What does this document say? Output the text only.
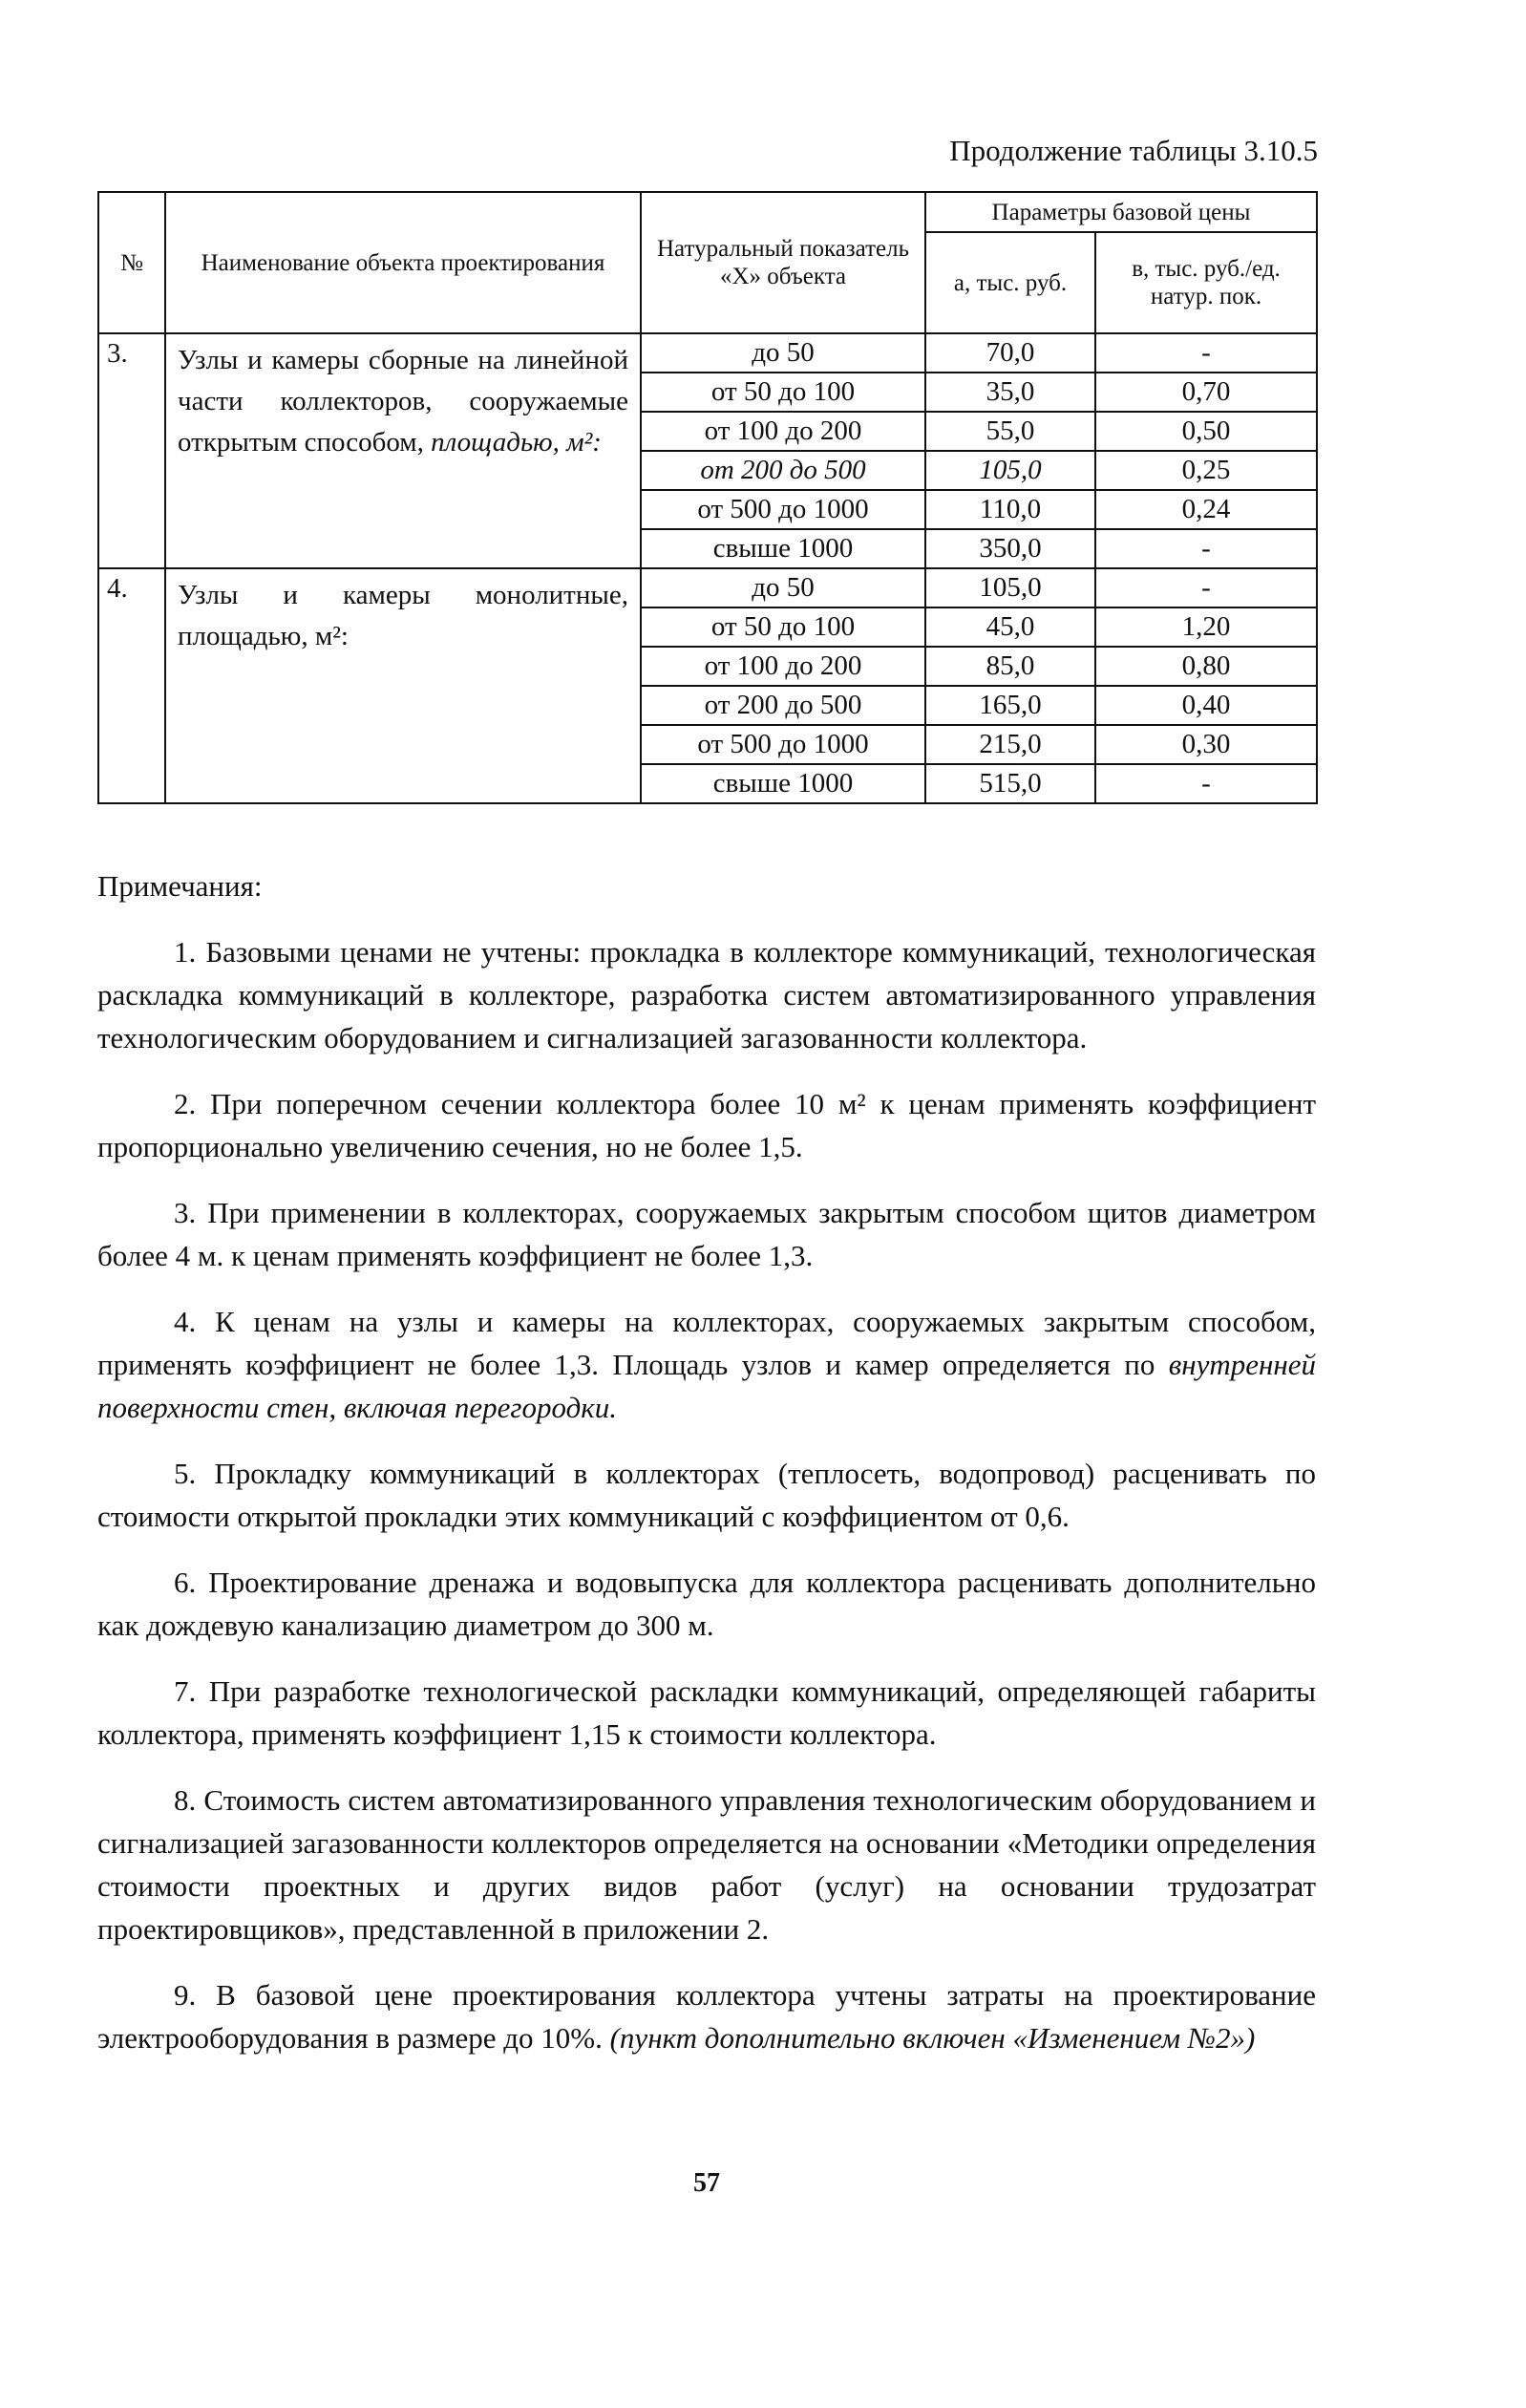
Продолжение таблицы 3.10.5
№	Наименование объекта проектирования	Натуральный показатель «Х» объекта	Параметры базовой цены	
			а, тыс. руб.	в, тыс. руб./ед. натур. пок.
3.	Узлы и камеры сборные на линейной части коллекторов, сооружаемые открытым способом, площадью, м²:	до 50	70,0	-
		от 50 до 100	35,0	0,70
		от 100 до 200	55,0	0,50
		от 200 до 500	105,0	0,25
		от 500 до 1000	110,0	0,24
		свыше 1000	350,0	-
4.	Узлы и камеры монолитные, площадью, м²:	до 50	105,0	-
		от 50 до 100	45,0	1,20
		от 100 до 200	85,0	0,80
		от 200 до 500	165,0	0,40
		от 500 до 1000	215,0	0,30
		свыше 1000	515,0	-

Примечания:

1. Базовыми ценами не учтены: прокладка в коллекторе коммуникаций, технологическая раскладка коммуникаций в коллекторе, разработка систем автоматизированного управления технологическим оборудованием и сигнализацией загазованности коллектора.

2. При поперечном сечении коллектора более 10 м² к ценам применять коэффициент пропорционально увеличению сечения, но не более 1,5.

3. При применении в коллекторах, сооружаемых закрытым способом щитов диаметром более 4 м. к ценам применять коэффициент не более 1,3.

4. К ценам на узлы и камеры на коллекторах, сооружаемых закрытым способом, применять коэффициент не более 1,3. Площадь узлов и камер определяется по внутренней поверхности стен, включая перегородки.

5. Прокладку коммуникаций в коллекторах (теплосеть, водопровод) расценивать по стоимости открытой прокладки этих коммуникаций с коэффициентом от 0,6.

6. Проектирование дренажа и водовыпуска для коллектора расценивать дополнительно как дождевую канализацию диаметром до 300 м.

7. При разработке технологической раскладки коммуникаций, определяющей габариты коллектора, применять коэффициент 1,15 к стоимости коллектора.

8. Стоимость систем автоматизированного управления технологическим оборудованием и сигнализацией загазованности коллекторов определяется на основании «Методики определения стоимости проектных и других видов работ (услуг) на основании трудозатрат проектировщиков», представленной в приложении 2.

9. В базовой цене проектирования коллектора учтены затраты на проектирование электрооборудования в размере до 10%. (пункт дополнительно включен «Изменением №2»)

57
